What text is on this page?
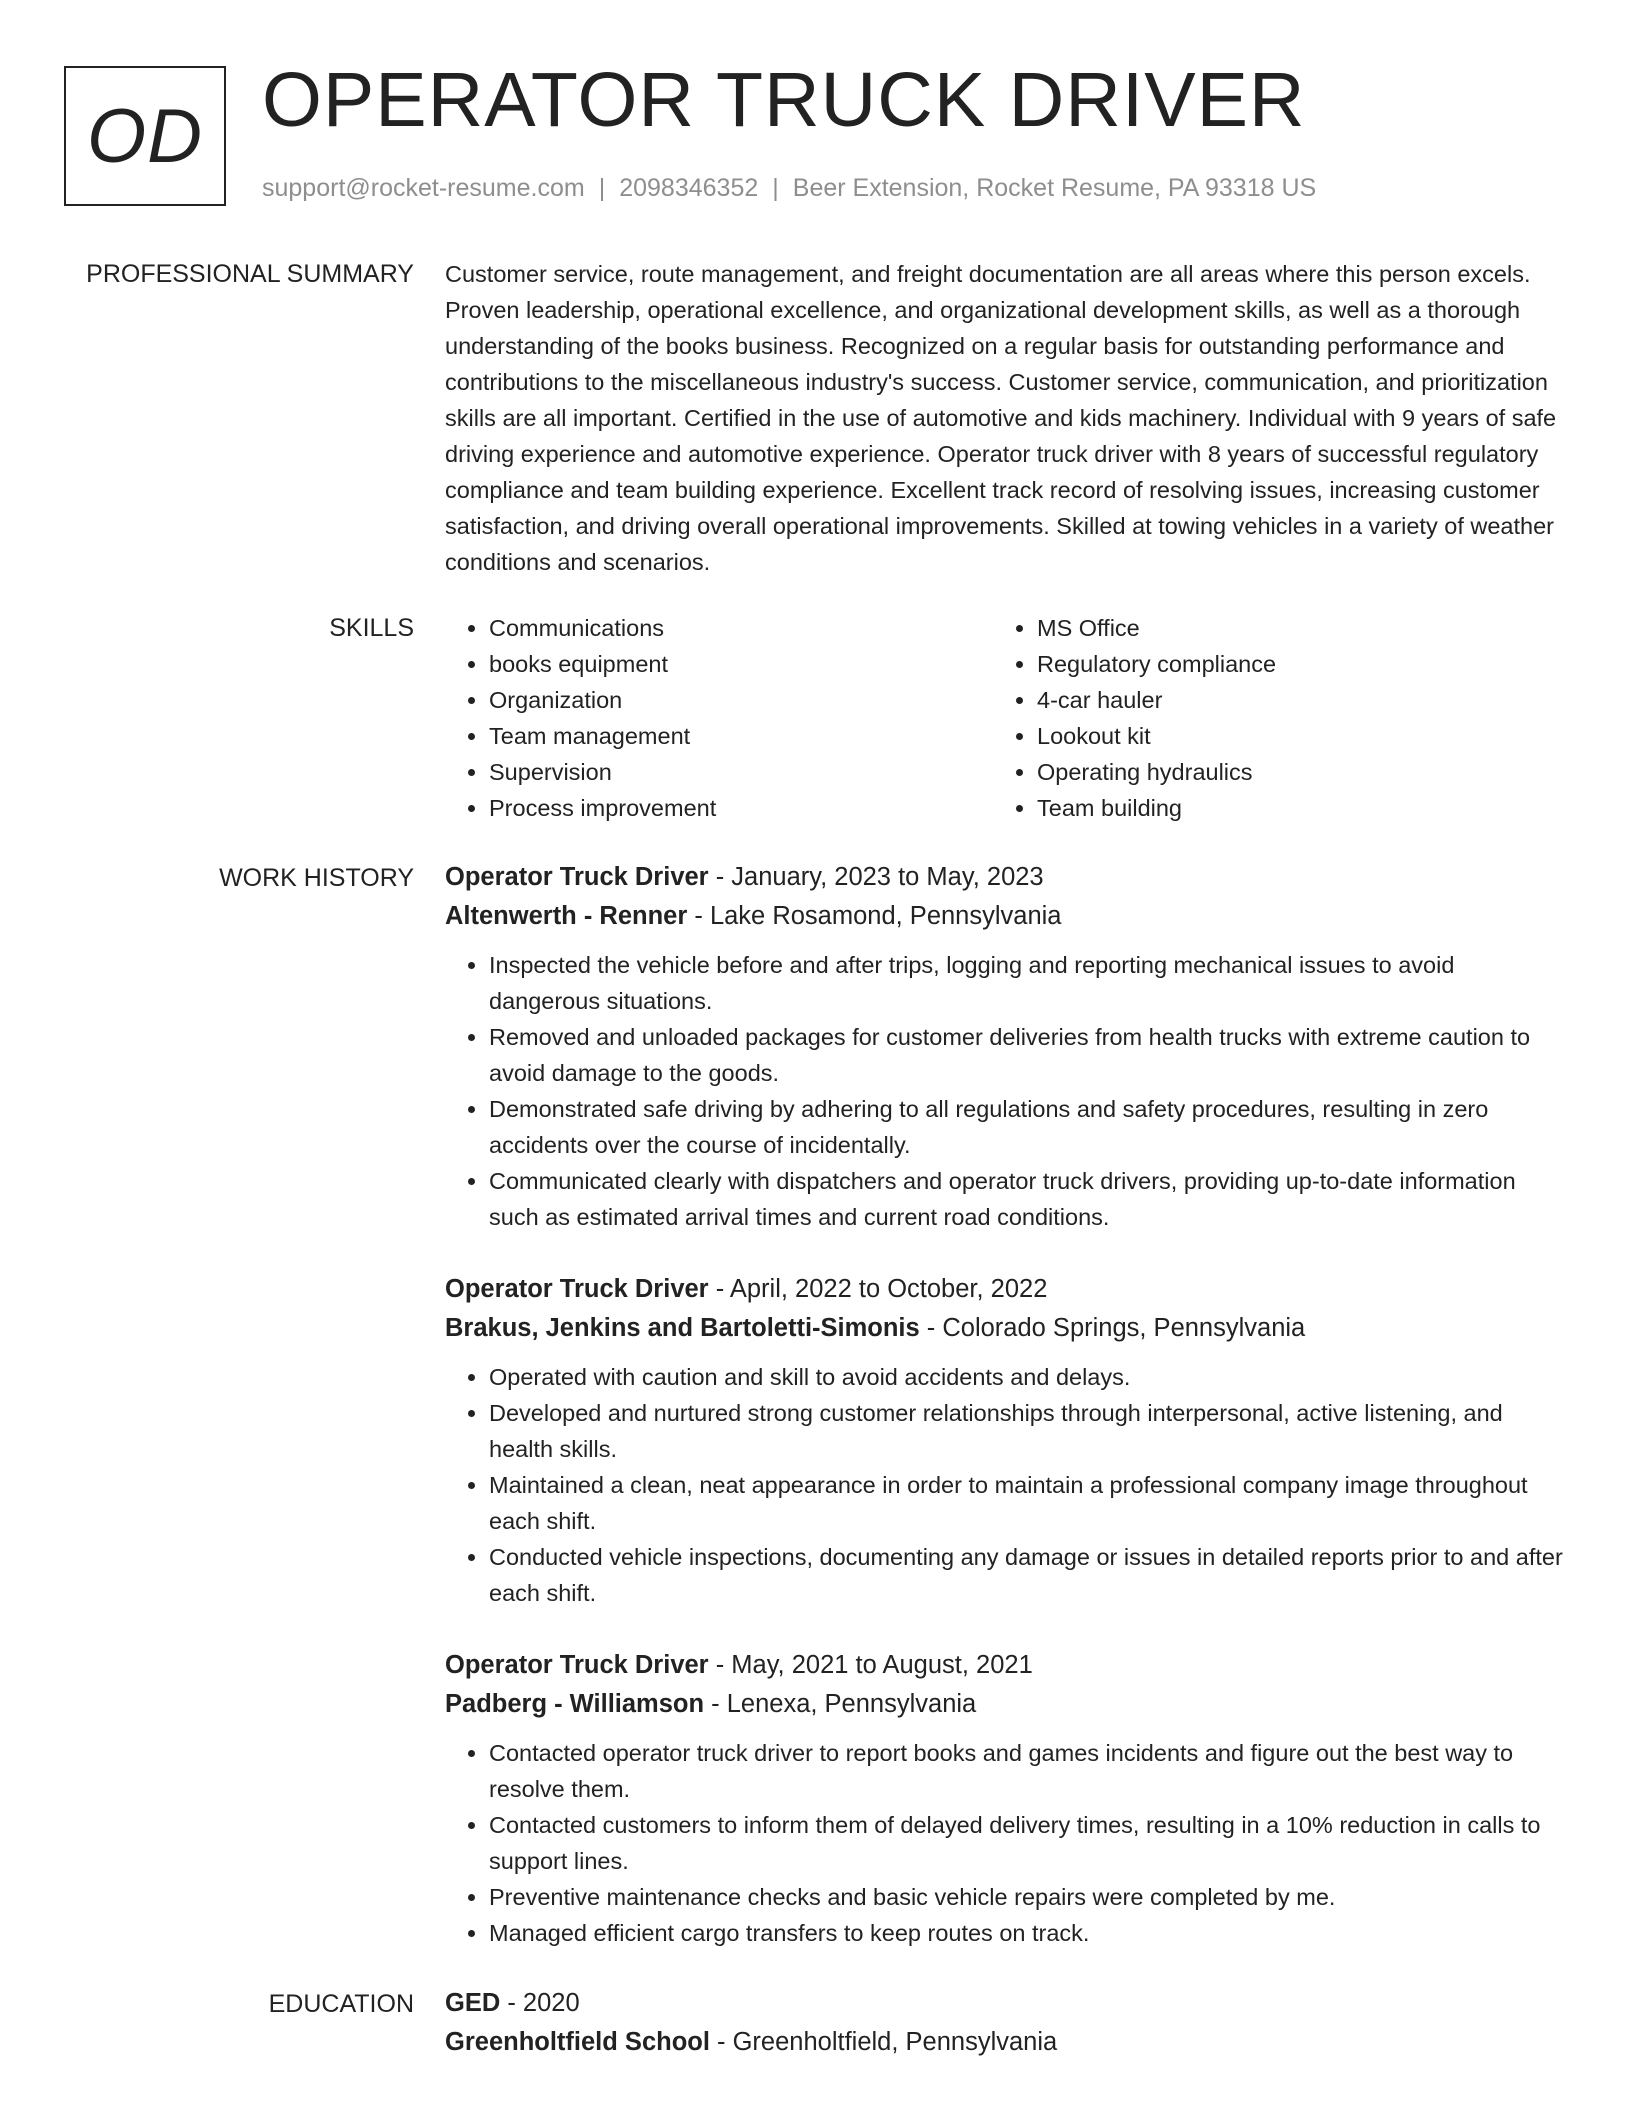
OD OPERATOR TRUCK DRIVER
support@rocket-resume.com | 2098346352 | Beer Extension, Rocket Resume, PA 93318 US
PROFESSIONAL SUMMARY Customer service, route management, and freight documentation are all areas where this person excels. Proven leadership, operational excellence, and organizational development skills, as well as a thorough understanding of the books business. Recognized on a regular basis for outstanding performance and contributions to the miscellaneous industry's success. Customer service, communication, and prioritization skills are all important. Certified in the use of automotive and kids machinery. Individual with 9 years of safe driving experience and automotive experience. Operator truck driver with 8 years of successful regulatory compliance and team building experience. Excellent track record of resolving issues, increasing customer satisfaction, and driving overall operational improvements. Skilled at towing vehicles in a variety of weather conditions and scenarios.

SKILLS
•	Communications
• books equipment
• Organization
• Team management
• Supervision
• Process improvement
• MS Office
• Regulatory compliance
• 4-car hauler
• Lookout kit
• Operating hydraulics
• Team building
WORK HISTORY Operator Truck Driver - January, 2023 to May, 2023
Altenwerth - Renner - Lake Rosamond, Pennsylvania
• Inspected the vehicle before and after trips, logging and reporting mechanical issues to avoid dangerous situations.
• Removed and unloaded packages for customer deliveries from health trucks with extreme caution to avoid damage to the goods.
• Demonstrated safe driving by adhering to all regulations and safety procedures, resulting in zero accidents over the course of incidentally.
• Communicated clearly with dispatchers and operator truck drivers, providing up-to-date information such as estimated arrival times and current road conditions.
Operator Truck Driver - April, 2022 to October, 2022
Brakus, Jenkins and Bartoletti-Simonis - Colorado Springs, Pennsylvania
• Operated with caution and skill to avoid accidents and delays.
• Developed and nurtured strong customer relationships through interpersonal, active listening, and health skills.
• Maintained a clean, neat appearance in order to maintain a professional company image throughout each shift.
• Conducted vehicle inspections, documenting any damage or issues in detailed reports prior to and after each shift.
Operator Truck Driver - May, 2021 to August, 2021
Padberg - Williamson - Lenexa, Pennsylvania
• Contacted operator truck driver to report books and games incidents and figure out the best way to resolve them.
• Contacted customers to inform them of delayed delivery times, resulting in a 10% reduction in calls to support lines.
• Preventive maintenance checks and basic vehicle repairs were completed by me.
• Managed efficient cargo transfers to keep routes on track.
EDUCATION GED - 2020
Greenholtfield School - Greenholtfield, Pennsylvania
